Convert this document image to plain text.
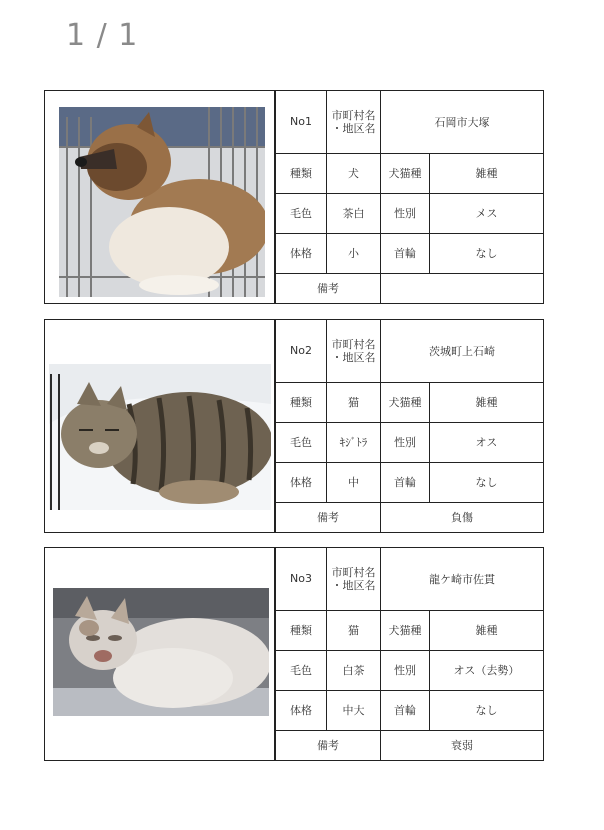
1 / 1
No1	市町村名
・地区名	石岡市大塚	
種類	犬	犬猫種	雑種
毛色	茶白	性別	メス
体格	小	首輪	なし
備考			
No2	市町村名
・地区名	茨城町上石崎	
種類	猫	犬猫種	雑種
毛色	ｷｼﾞﾄﾗ	性別	オス
体格	中	首輪	なし
備考		負傷	
No3	市町村名
・地区名	龍ケ崎市佐貫	
種類	猫	犬猫種	雑種
毛色	白茶	性別	オス（去勢）
体格	中大	首輪	なし
備考		衰弱	
